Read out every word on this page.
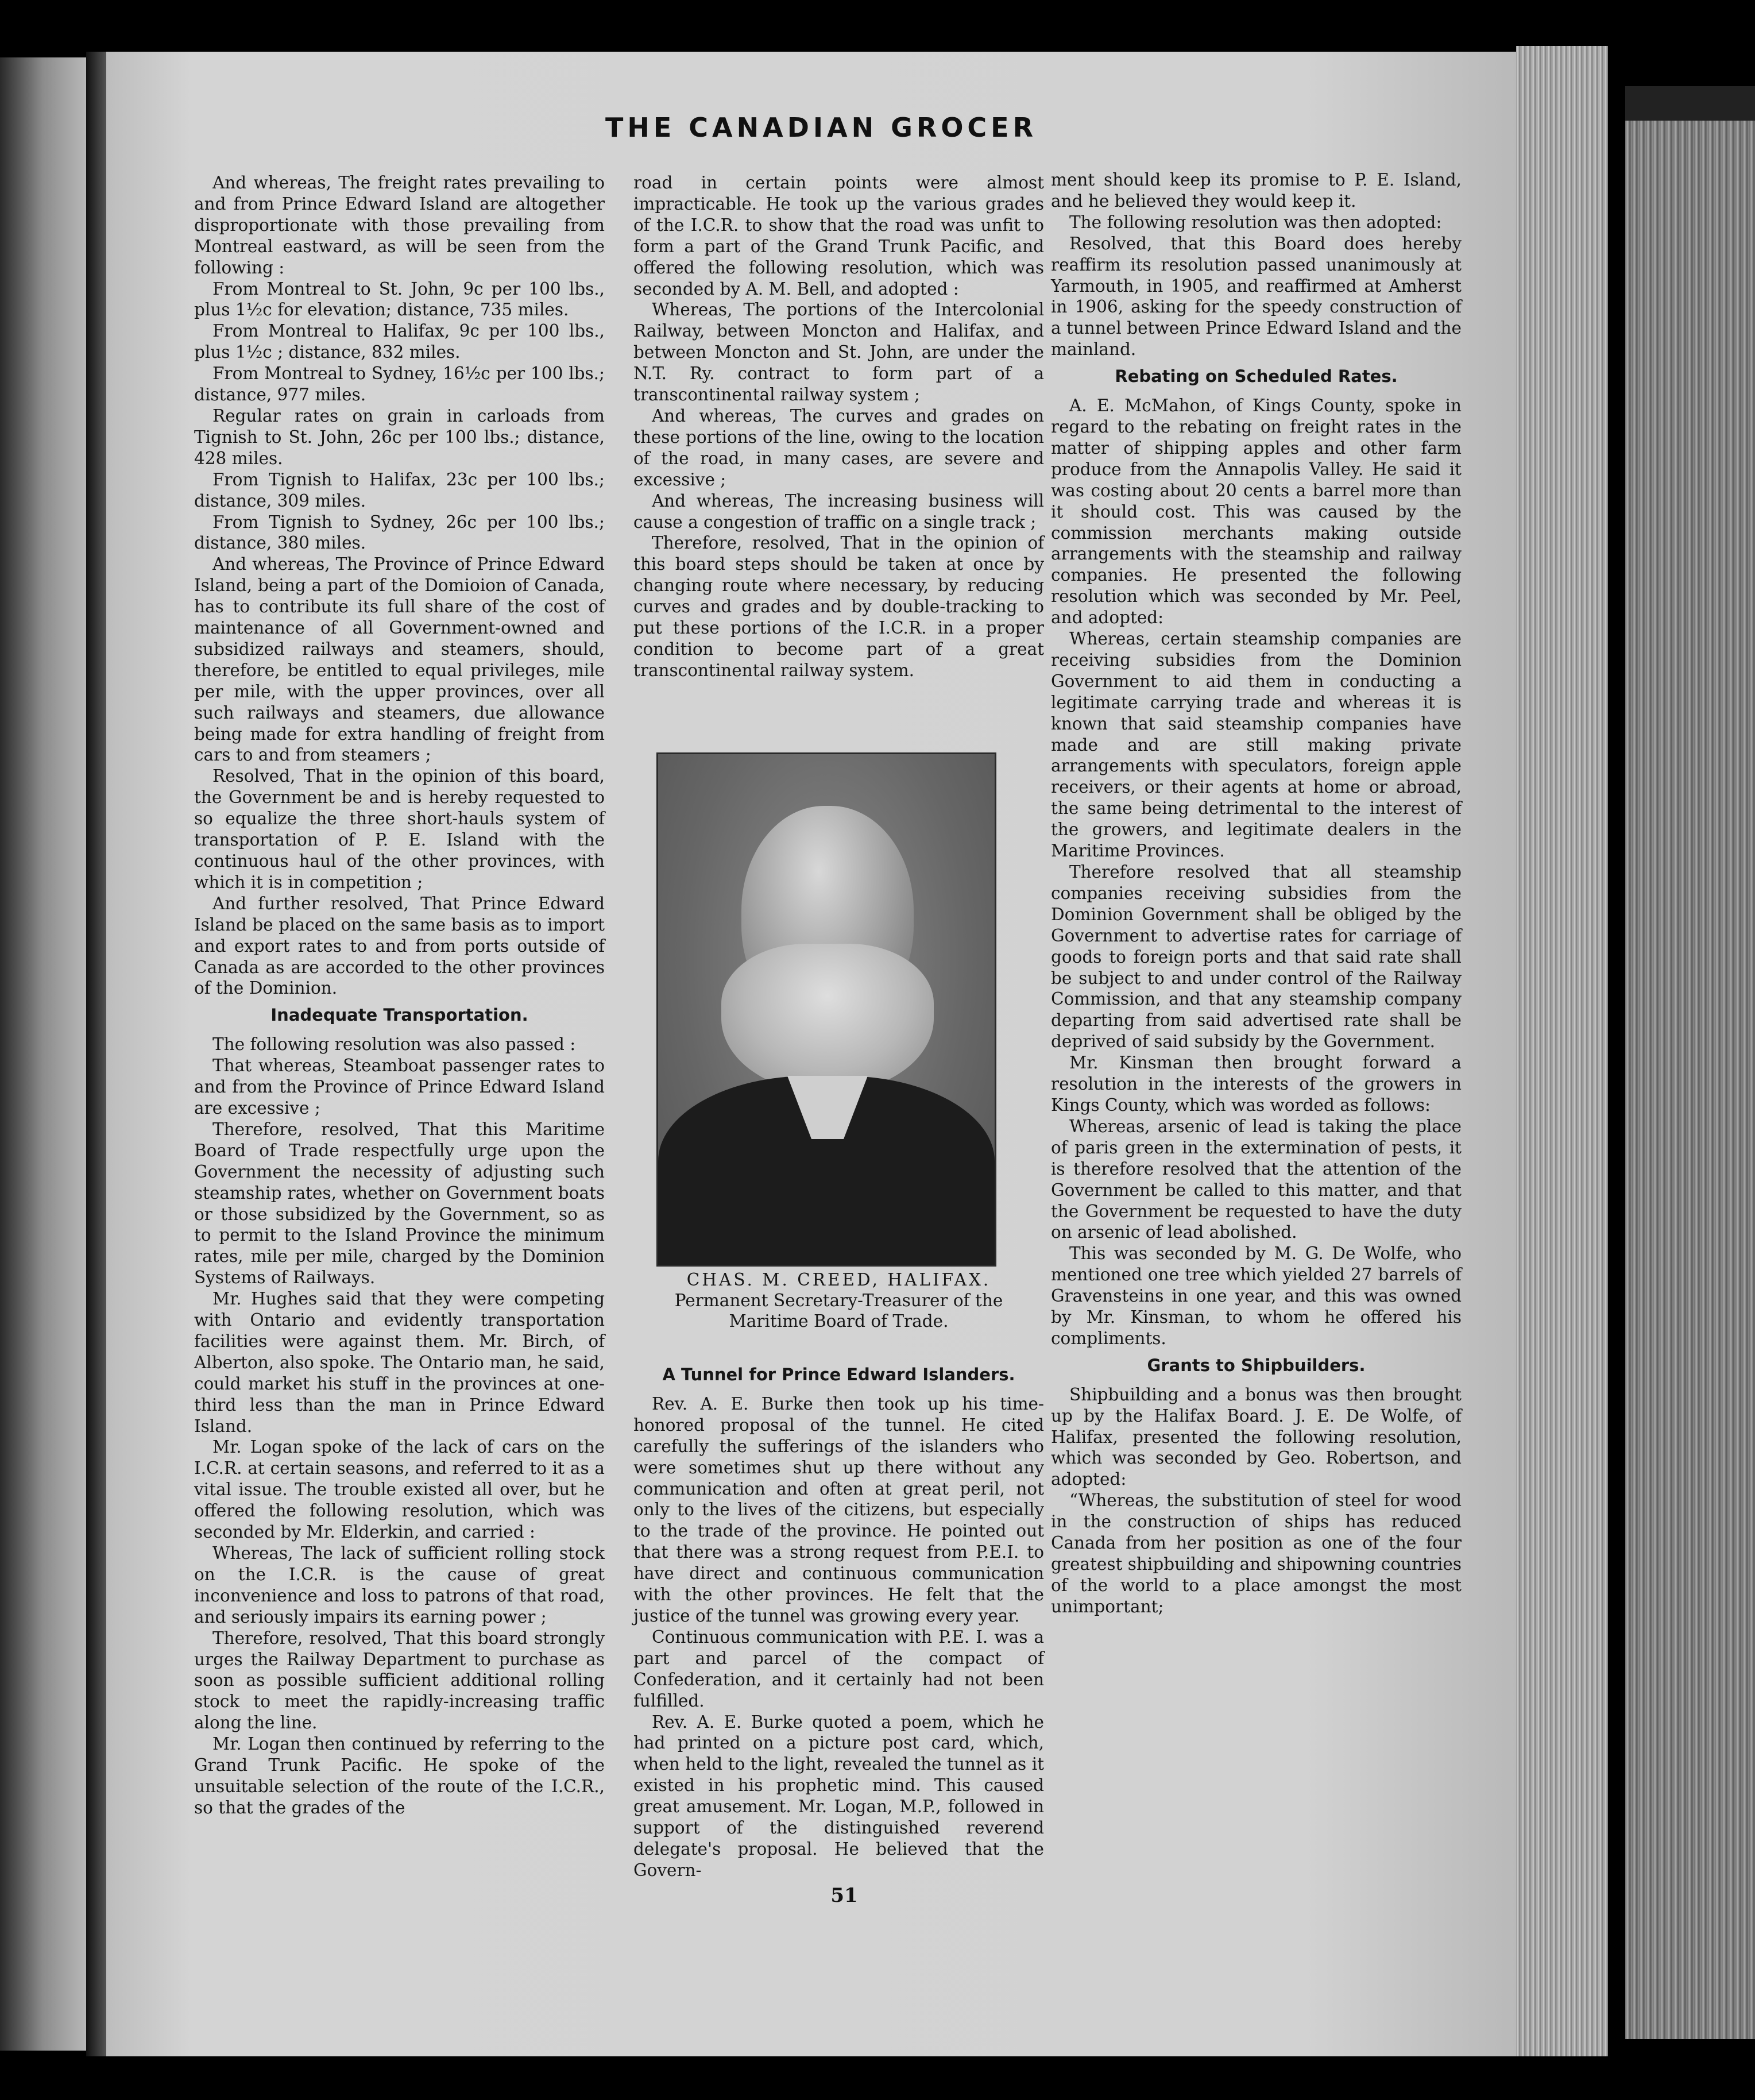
THE CANADIAN GROCER

And whereas, The freight rates prevailing to and from Prince Edward Island are altogether disproportionate with those prevailing from Montreal eastward, as will be seen from the following :

From Montreal to St. John, 9c per 100 lbs., plus 1½c for elevation; distance, 735 miles.

From Montreal to Halifax, 9c per 100 lbs., plus 1½c ; distance, 832 miles.

From Montreal to Sydney, 16½c per 100 lbs.; distance, 977 miles.

Regular rates on grain in carloads from Tignish to St. John, 26c per 100 lbs.; distance, 428 miles.

From Tignish to Halifax, 23c per 100 lbs.; distance, 309 miles.

From Tignish to Sydney, 26c per 100 lbs.; distance, 380 miles.

And whereas, The Province of Prince Edward Island, being a part of the Domioion of Canada, has to contribute its full share of the cost of maintenance of all Government-owned and subsidized railways and steamers, should, therefore, be entitled to equal privileges, mile per mile, with the upper provinces, over all such railways and steamers, due allowance being made for extra handling of freight from cars to and from steamers ;

Resolved, That in the opinion of this board, the Government be and is hereby requested to so equalize the three short-hauls system of transportation of P. E. Island with the continuous haul of the other provinces, with which it is in competition ;

And further resolved, That Prince Edward Island be placed on the same basis as to import and export rates to and from ports outside of Canada as are accorded to the other provinces of the Dominion.

Inadequate Transportation.

The following resolution was also passed :

That whereas, Steamboat passenger rates to and from the Province of Prince Edward Island are excessive ;

Therefore, resolved, That this Maritime Board of Trade respectfully urge upon the Government the necessity of adjusting such steamship rates, whether on Government boats or those subsidized by the Government, so as to permit to the Island Province the minimum rates, mile per mile, charged by the Dominion Systems of Railways.

Mr. Hughes said that they were competing with Ontario and evidently transportation facilities were against them. Mr. Birch, of Alberton, also spoke. The Ontario man, he said, could market his stuff in the provinces at one-third less than the man in Prince Edward Island.

Mr. Logan spoke of the lack of cars on the I.C.R. at certain seasons, and referred to it as a vital issue. The trouble existed all over, but he offered the following resolution, which was seconded by Mr. Elderkin, and carried :

Whereas, The lack of sufficient rolling stock on the I.C.R. is the cause of great inconvenience and loss to patrons of that road, and seriously impairs its earning power ;

Therefore, resolved, That this board strongly urges the Railway Department to purchase as soon as possible sufficient additional rolling stock to meet the rapidly-increasing traffic along the line.

Mr. Logan then continued by referring to the Grand Trunk Pacific. He spoke of the unsuitable selection of the route of the I.C.R., so that the grades of the

road in certain points were almost impracticable. He took up the various grades of the I.C.R. to show that the road was unfit to form a part of the Grand Trunk Pacific, and offered the following resolution, which was seconded by A. M. Bell, and adopted :

Whereas, The portions of the Intercolonial Railway, between Moncton and Halifax, and between Moncton and St. John, are under the N.T. Ry. contract to form part of a transcontinental railway system ;

And whereas, The curves and grades on these portions of the line, owing to the location of the road, in many cases, are severe and excessive ;

And whereas, The increasing business will cause a congestion of traffic on a single track ;

Therefore, resolved, That in the opinion of this board steps should be taken at once by changing route where necessary, by reducing curves and grades and by double-tracking to put these portions of the I.C.R. in a proper condition to become part of a great transcontinental railway system.

CHAS. M. CREED, HALIFAX.
Permanent Secretary-Treasurer of the Maritime Board of Trade.
A Tunnel for Prince Edward Islanders.

Rev. A. E. Burke then took up his time-honored proposal of the tunnel. He cited carefully the sufferings of the islanders who were sometimes shut up there without any communication and often at great peril, not only to the lives of the citizens, but especially to the trade of the province. He pointed out that there was a strong request from P.E.I. to have direct and continuous communication with the other provinces. He felt that the justice of the tunnel was growing every year.

Continuous communication with P.E. I. was a part and parcel of the compact of Confederation, and it certainly had not been fulfilled.

Rev. A. E. Burke quoted a poem, which he had printed on a picture post card, which, when held to the light, revealed the tunnel as it existed in his prophetic mind. This caused great amusement. Mr. Logan, M.P., followed in support of the distinguished reverend delegate's proposal. He believed that the Govern-

ment should keep its promise to P. E. Island, and he believed they would keep it.

The following resolution was then adopted:

Resolved, that this Board does hereby reaffirm its resolution passed unanimously at Yarmouth, in 1905, and reaffirmed at Amherst in 1906, asking for the speedy construction of a tunnel between Prince Edward Island and the mainland.

Rebating on Scheduled Rates.

A. E. McMahon, of Kings County, spoke in regard to the rebating on freight rates in the matter of shipping apples and other farm produce from the Annapolis Valley. He said it was costing about 20 cents a barrel more than it should cost. This was caused by the commission merchants making outside arrangements with the steamship and railway companies. He presented the following resolution which was seconded by Mr. Peel, and adopted:

Whereas, certain steamship companies are receiving subsidies from the Dominion Government to aid them in conducting a legitimate carrying trade and whereas it is known that said steamship companies have made and are still making private arrangements with speculators, foreign apple receivers, or their agents at home or abroad, the same being detrimental to the interest of the growers, and legitimate dealers in the Maritime Provinces.

Therefore resolved that all steamship companies receiving subsidies from the Dominion Government shall be obliged by the Government to advertise rates for carriage of goods to foreign ports and that said rate shall be subject to and under control of the Railway Commission, and that any steamship company departing from said advertised rate shall be deprived of said subsidy by the Government.

Mr. Kinsman then brought forward a resolution in the interests of the growers in Kings County, which was worded as follows:

Whereas, arsenic of lead is taking the place of paris green in the extermination of pests, it is therefore resolved that the attention of the Government be called to this matter, and that the Government be requested to have the duty on arsenic of lead abolished.

This was seconded by M. G. De Wolfe, who mentioned one tree which yielded 27 barrels of Gravensteins in one year, and this was owned by Mr. Kinsman, to whom he offered his compliments.

Grants to Shipbuilders.

Shipbuilding and a bonus was then brought up by the Halifax Board. J. E. De Wolfe, of Halifax, presented the following resolution, which was seconded by Geo. Robertson, and adopted:

“Whereas, the substitution of steel for wood in the construction of ships has reduced Canada from her position as one of the four greatest shipbuilding and shipowning countries of the world to a place amongst the most unimportant;

51
